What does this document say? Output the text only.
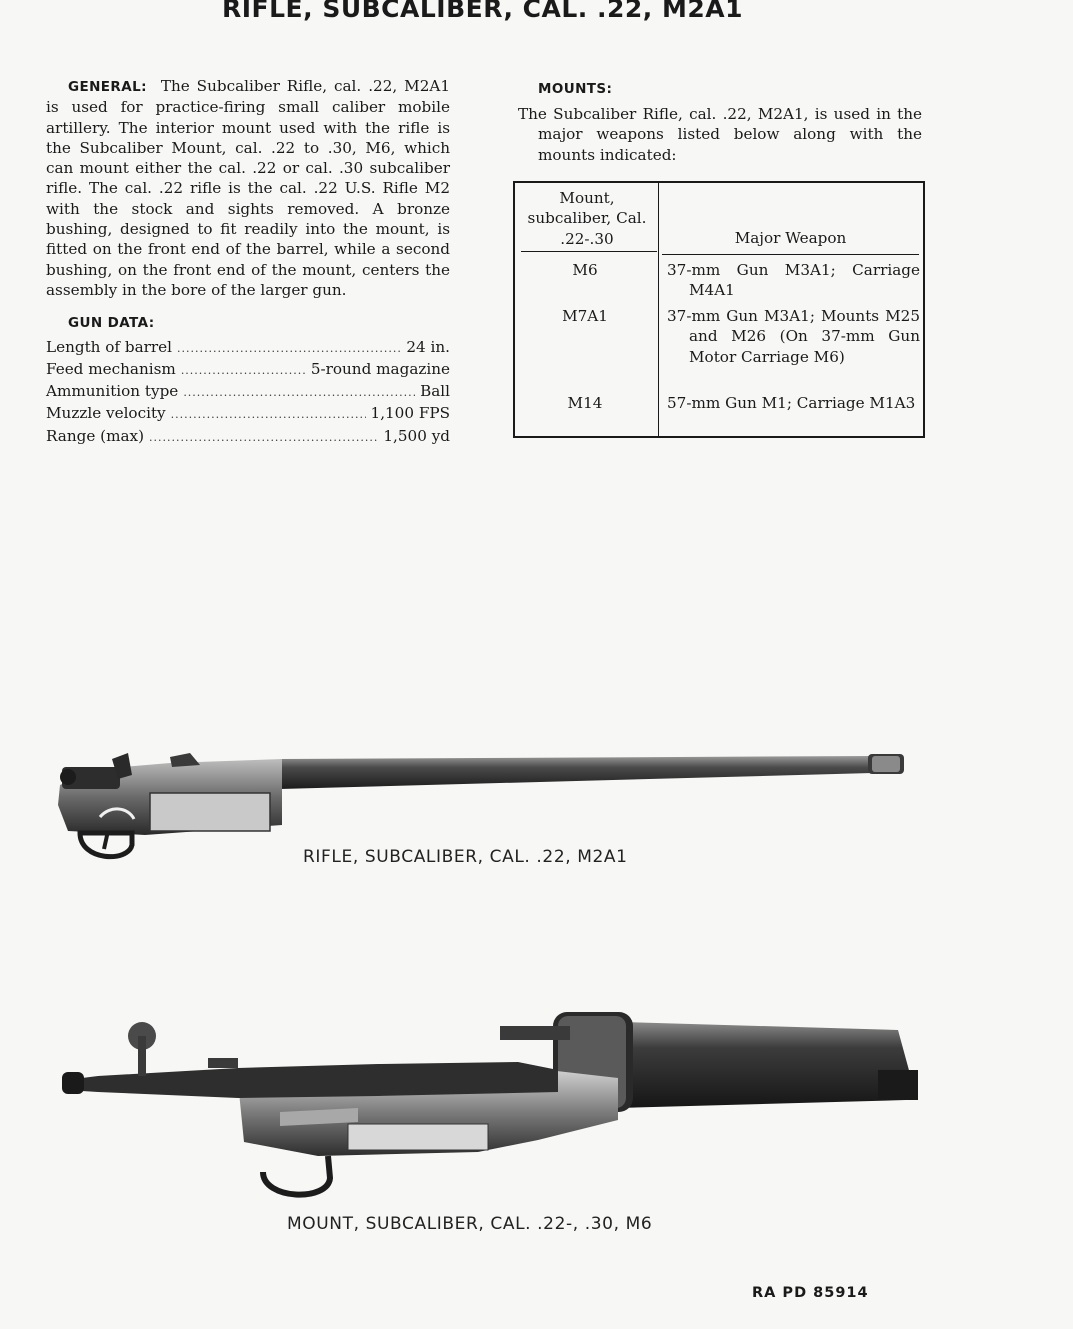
RIFLE, SUBCALIBER, CAL. .22, M2A1

GENERAL: The Subcaliber Rifle, cal. .22, M2A1 is used for practice-firing small caliber mobile artillery. The interior mount used with the rifle is the Subcaliber Mount, cal. .22 to .30, M6, which can mount either the cal. .22 or cal. .30 subcaliber rifle. The cal. .22 rifle is the cal. .22 U.S. Rifle M2 with the stock and sights removed. A bronze bushing, designed to fit readily into the mount, is fitted on the front end of the barrel, while a second bushing, on the front end of the mount, centers the assembly in the bore of the larger gun.

GUN DATA:
Length of barrel .....	24 in.
Feed mechanism .....	5-round magazine
Ammunition type .....	Ball
Muzzle velocity .....	1,100 FPS
Range (max) .....	1,500 yd
MOUNTS:

The Subcaliber Rifle, cal. .22, M2A1, is used in the major weapons listed below along with the mounts indicated:

Mount, subcaliber, Cal. .22-.30	Major Weapon
M6	37-mm Gun M3A1; Carriage M4A1
M7A1	37-mm Gun M3A1; Mounts M25 and M26 (On 37-mm Gun Motor Carriage M6)
M14	57-mm Gun M1; Carriage M1A3
RIFLE, SUBCALIBER, CAL. .22, M2A1
MOUNT, SUBCALIBER, CAL. .22-, .30, M6
RA PD 85914
